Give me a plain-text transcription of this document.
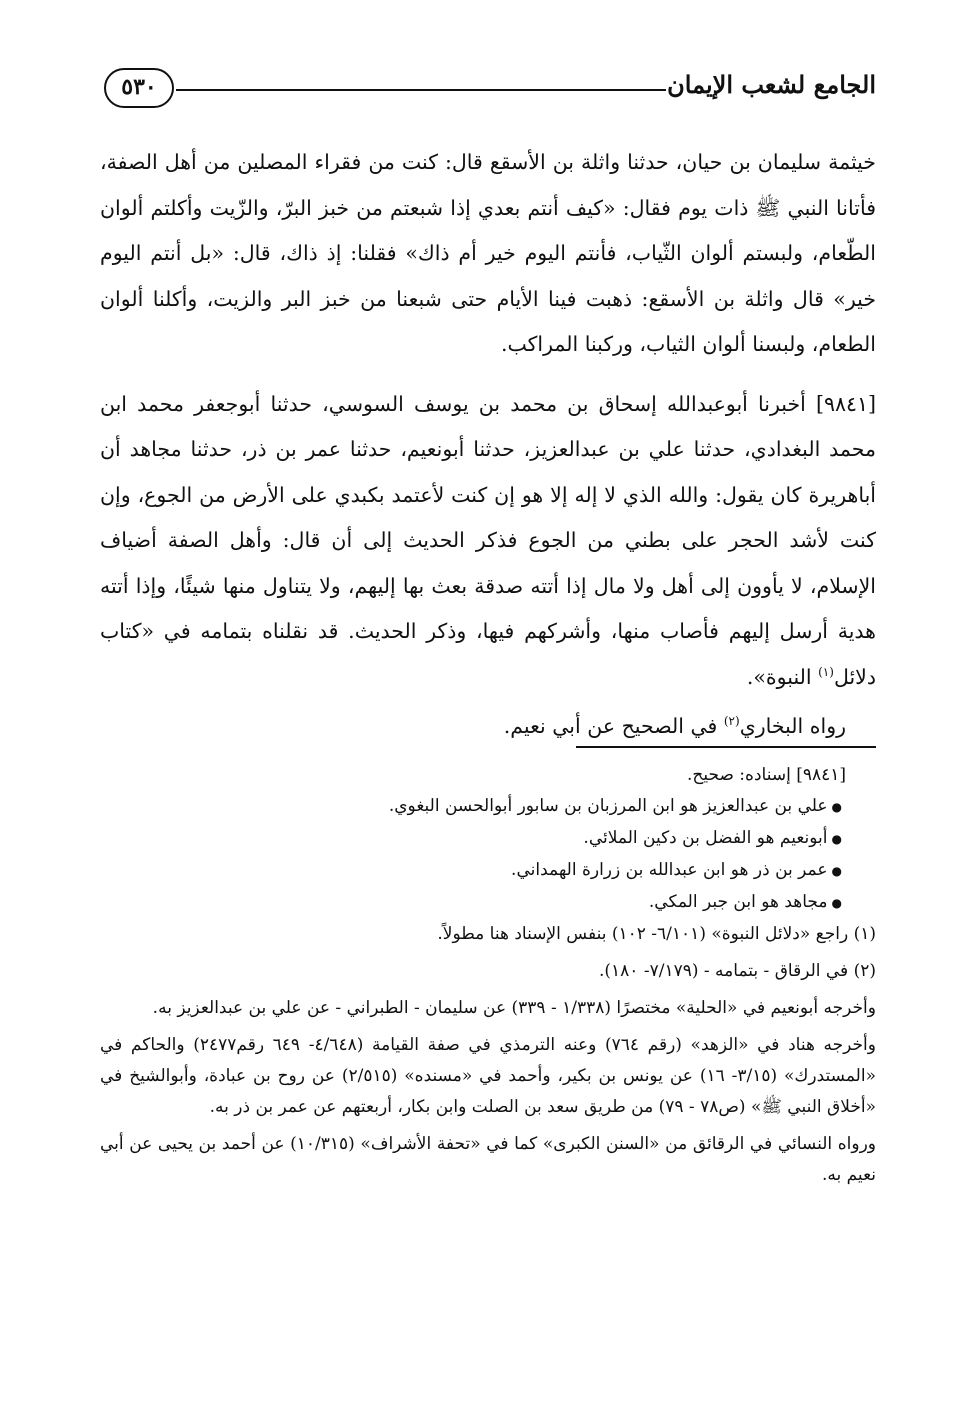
٥٣٠	الجامع لشعب الإيمان

خيثمة سليمان بن حيان، حدثنا واثلة بن الأسقع قال: كنت من فقراء المصلين من أهل الصفة، فأتانا النبي ﷺ ذات يوم فقال: «كيف أنتم بعدي إذا شبعتم من خبز البرّ، والزّيت وأكلتم ألوان الطّعام، ولبستم ألوان الثّياب، فأنتم اليوم خير أم ذاك» فقلنا: إذ ذاك، قال: «بل أنتم اليوم خير» قال واثلة بن الأسقع: ذهبت فينا الأيام حتى شبعنا من خبز البر والزيت، وأكلنا ألوان الطعام، ولبسنا ألوان الثياب، وركبنا المراكب.

[٩٨٤١] أخبرنا أبوعبدالله إسحاق بن محمد بن يوسف السوسي، حدثنا أبوجعفر محمد ابن محمد البغدادي، حدثنا علي بن عبدالعزيز، حدثنا أبونعيم، حدثنا عمر بن ذر، حدثنا مجاهد أن أباهريرة كان يقول: والله الذي لا إله إلا هو إن كنت لأعتمد بكبدي على الأرض من الجوع، وإن كنت لأشد الحجر على بطني من الجوع فذكر الحديث إلى أن قال: وأهل الصفة أضياف الإسلام، لا يأوون إلى أهل ولا مال إذا أتته صدقة بعث بها إليهم، ولا يتناول منها شيئًا، وإذا أتته هدية أرسل إليهم فأصاب منها، وأشركهم فيها، وذكر الحديث. قد نقلناه بتمامه في «كتاب دلائل$^{(١)}$ النبوة».

رواه البخاري$^{(٢)}$ في الصحيح عن أبي نعيم.

[٩٨٤١] إسناده: صحيح.

●علي بن عبدالعزيز هو ابن المرزبان بن سابور أبوالحسن البغوي.
●أبونعيم هو الفضل بن دكين الملائي.
●عمر بن ذر هو ابن عبدالله بن زرارة الهمداني.
●مجاهد هو ابن جبر المكي.

(١) راجع «دلائل النبوة» (٦/١٠١- ١٠٢) بنفس الإسناد هنا مطولاً.

(٢) في الرقاق - بتمامه - (٧/١٧٩- ١٨٠).

وأخرجه أبونعيم في «الحلية» مختصرًا (١/٣٣٨ - ٣٣٩) عن سليمان - الطبراني - عن علي بن عبدالعزيز به.

وأخرجه هناد في «الزهد» (رقم ٧٦٤) وعنه الترمذي في صفة القيامة (٤/٦٤٨- ٦٤٩ رقم٢٤٧٧) والحاكم في «المستدرك» (٣/١٥- ١٦) عن يونس بن بكير، وأحمد في «مسنده» (٢/٥١٥) عن روح بن عبادة، وأبوالشيخ في «أخلاق النبي ﷺ» (ص٧٨ - ٧٩) من طريق سعد بن الصلت وابن بكار، أربعتهم عن عمر بن ذر به.

ورواه النسائي في الرقائق من «السنن الكبرى» كما في «تحفة الأشراف» (١٠/٣١٥) عن أحمد بن يحيى عن أبي نعيم به.
